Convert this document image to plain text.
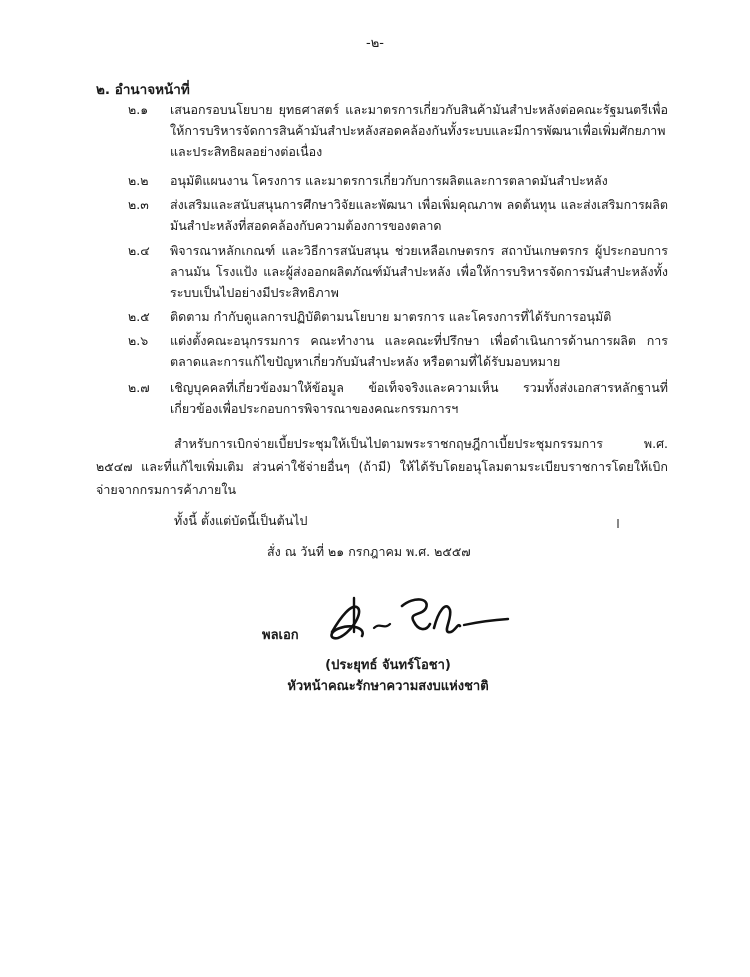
-๒-
๒. อำนาจหน้าที่
๒.๑	เสนอกรอบนโยบาย ยุทธศาสตร์ และมาตรการเกี่ยวกับสินค้ามันสำปะหลังต่อคณะรัฐมนตรีเพื่อให้การบริหารจัดการสินค้ามันสำปะหลังสอดคล้องกันทั้งระบบและมีการพัฒนาเพื่อเพิ่มศักยภาพและประสิทธิผลอย่างต่อเนื่อง
๒.๒	อนุมัติแผนงาน โครงการ และมาตรการเกี่ยวกับการผลิตและการตลาดมันสำปะหลัง
๒.๓	ส่งเสริมและสนับสนุนการศึกษาวิจัยและพัฒนา เพื่อเพิ่มคุณภาพ ลดต้นทุน และส่งเสริมการผลิตมันสำปะหลังที่สอดคล้องกับความต้องการของตลาด
๒.๔	พิจารณาหลักเกณฑ์ และวิธีการสนับสนุน ช่วยเหลือเกษตรกร สถาบันเกษตรกร ผู้ประกอบการลานมัน โรงแป้ง และผู้ส่งออกผลิตภัณฑ์มันสำปะหลัง เพื่อให้การบริหารจัดการมันสำปะหลังทั้งระบบเป็นไปอย่างมีประสิทธิภาพ
๒.๕	ติดตาม กำกับดูแลการปฏิบัติตามนโยบาย มาตรการ และโครงการที่ได้รับการอนุมัติ
๒.๖	แต่งตั้งคณะอนุกรรมการ คณะทำงาน และคณะที่ปรึกษา เพื่อดำเนินการด้านการผลิต การตลาดและการแก้ไขปัญหาเกี่ยวกับมันสำปะหลัง หรือตามที่ได้รับมอบหมาย
๒.๗	เชิญบุคคลที่เกี่ยวข้องมาให้ข้อมูล ข้อเท็จจริงและความเห็น รวมทั้งส่งเอกสารหลักฐานที่เกี่ยวข้องเพื่อประกอบการพิจารณาของคณะกรรมการฯ
สำหรับการเบิกจ่ายเบี้ยประชุมให้เป็นไปตามพระราชกฤษฎีกาเบี้ยประชุมกรรมการ พ.ศ. ๒๕๔๗ และที่แก้ไขเพิ่มเติม ส่วนค่าใช้จ่ายอื่นๆ (ถ้ามี) ให้ได้รับโดยอนุโลมตามระเบียบราชการโดยให้เบิกจ่ายจากกรมการค้าภายใน
ทั้งนี้ ตั้งแต่บัดนี้เป็นต้นไป
สั่ง ณ วันที่ ๒๑ กรกฎาคม พ.ศ. ๒๕๕๗
พลเอก
(ประยุทธ์ จันทร์โอชา)
หัวหน้าคณะรักษาความสงบแห่งชาติ
